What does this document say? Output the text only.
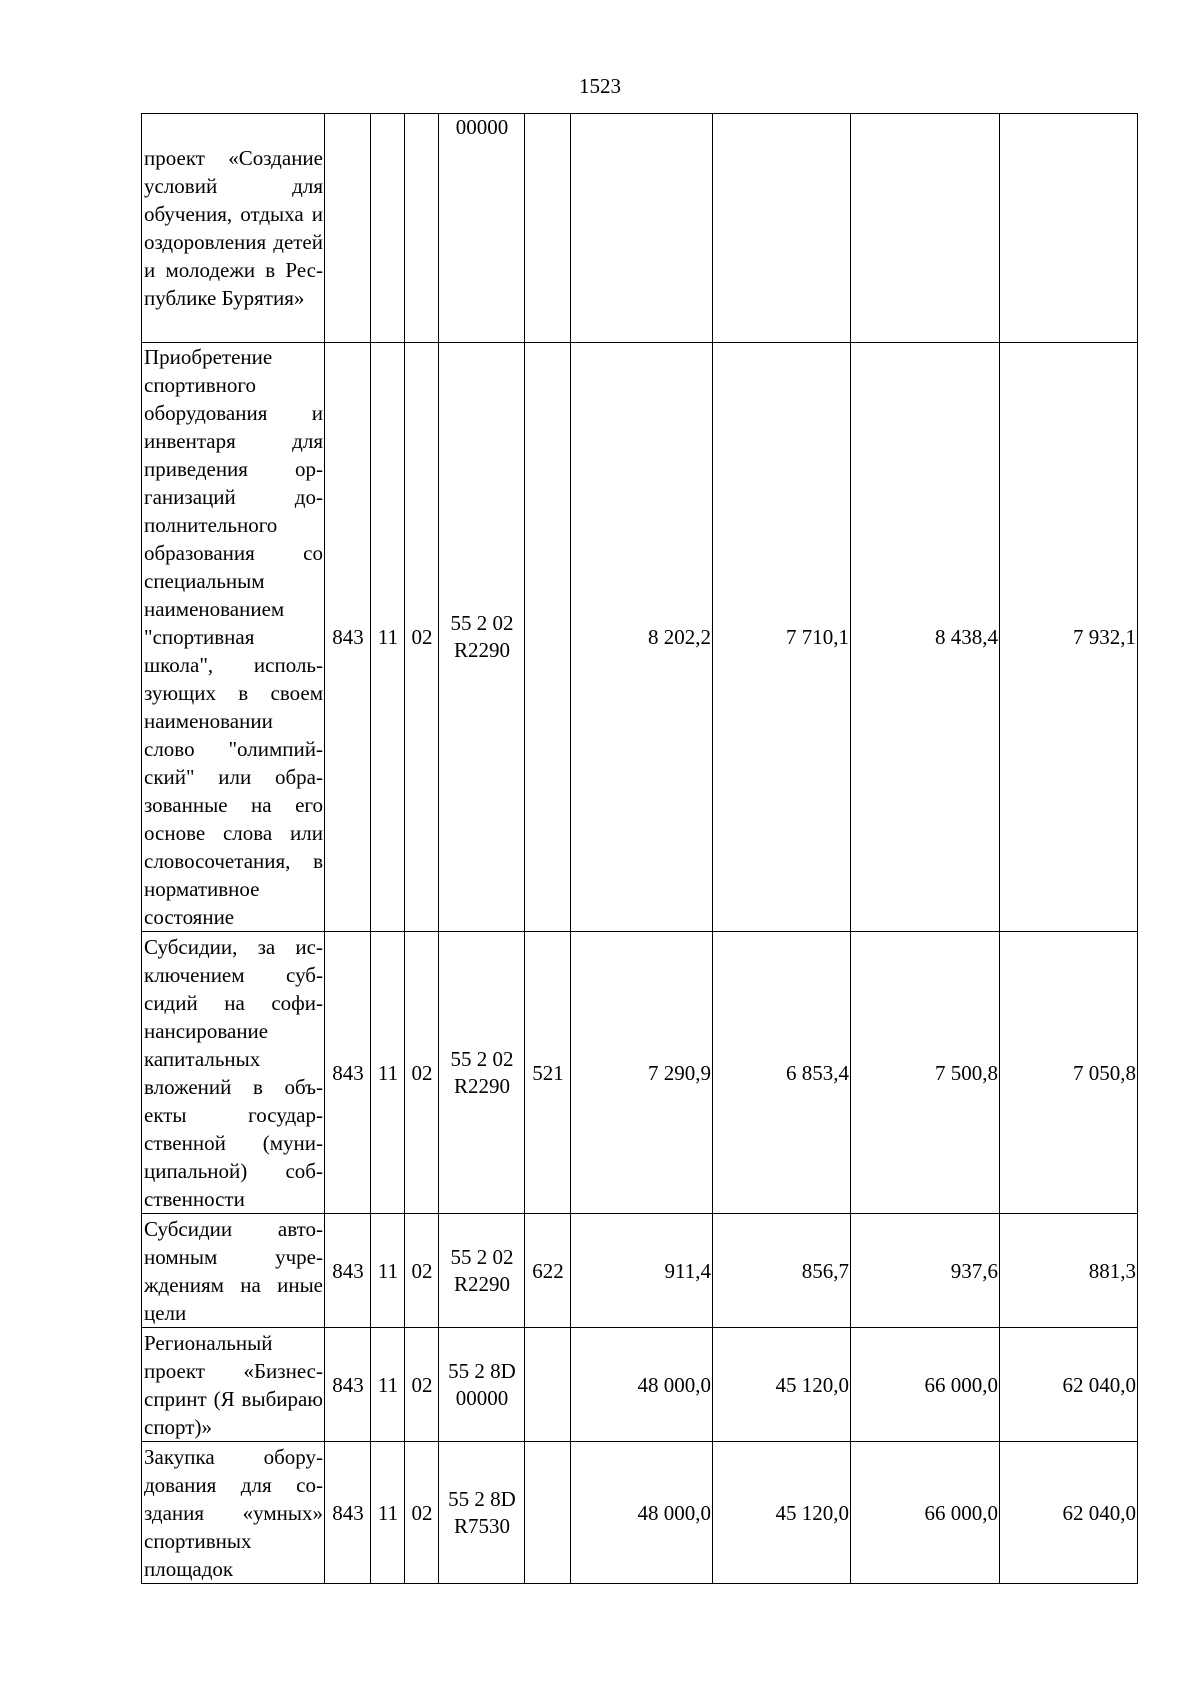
1523
проект «Создание условий для обучения, отдыха и оздоровления детей и молодежи в Республике Бурятия»				00000					

Приобретение спортивного оборудования и инвентаря для приведения организаций дополнительного образования со специальным наименованием "спортивная школа", использующих в своем наименовании слово "олимпийский" или образованные на его основе слова или словосочетания, в нормативное состояние	843	11	02	55 2 02
R2290		8 202,2	7 710,1	8 438,4	7 932,1
Субсидии, за исключением субсидий на софинансирование капитальных вложений в объекты государственной (муниципальной) собственности	843	11	02	55 2 02
R2290	521	7 290,9	6 853,4	7 500,8	7 050,8
Субсидии автономным учреждениям на иные цели	843	11	02	55 2 02
R2290	622	911,4	856,7	937,6	881,3
Региональный проект «Бизнес-спринт (Я выбираю спорт)»	843	11	02	55 2 8D
00000		48 000,0	45 120,0	66 000,0	62 040,0
Закупка оборудования для создания «умных» спортивных площадок	843	11	02	55 2 8D
R7530		48 000,0	45 120,0	66 000,0	62 040,0
